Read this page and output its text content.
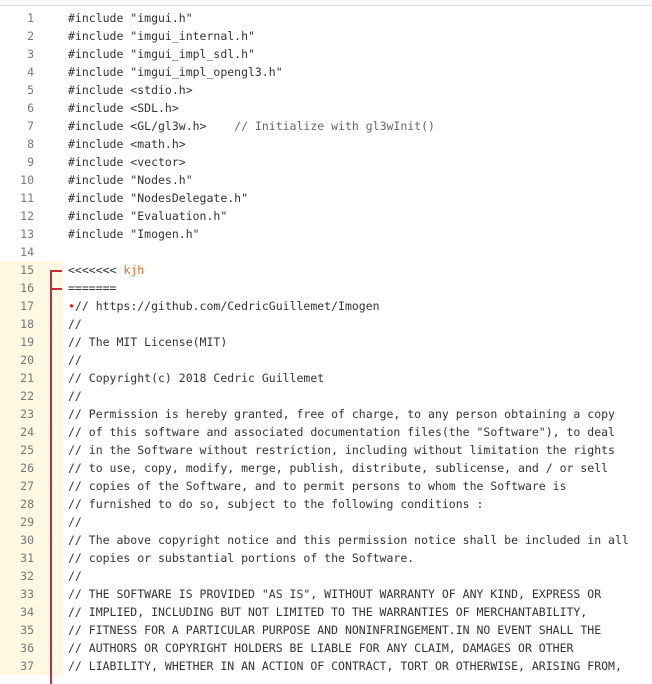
1	#include "imgui.h"
2	#include "imgui_internal.h"
3	#include "imgui_impl_sdl.h"
4	#include "imgui_impl_opengl3.h"
5	#include <stdio.h>
6	#include <SDL.h>
7	#include <GL/gl3w.h>    // Initialize with gl3wInit()
8	#include <math.h>
9	#include <vector>
10	#include "Nodes.h"
11	#include "NodesDelegate.h"
12	#include "Evaluation.h"
13	#include "Imogen.h"
14
15	<<<<<<< kjh
16	=======
17	•// https://github.com/CedricGuillemet/Imogen
18	//
19	// The MIT License(MIT)
20	//
21	// Copyright(c) 2018 Cedric Guillemet
22	//
23	// Permission is hereby granted, free of charge, to any person obtaining a copy
24	// of this software and associated documentation files(the "Software"), to deal
25	// in the Software without restriction, including without limitation the rights
26	// to use, copy, modify, merge, publish, distribute, sublicense, and / or sell
27	// copies of the Software, and to permit persons to whom the Software is
28	// furnished to do so, subject to the following conditions :
29	//
30	// The above copyright notice and this permission notice shall be included in all
31	// copies or substantial portions of the Software.
32	//
33	// THE SOFTWARE IS PROVIDED "AS IS", WITHOUT WARRANTY OF ANY KIND, EXPRESS OR
34	// IMPLIED, INCLUDING BUT NOT LIMITED TO THE WARRANTIES OF MERCHANTABILITY,
35	// FITNESS FOR A PARTICULAR PURPOSE AND NONINFRINGEMENT.IN NO EVENT SHALL THE
36	// AUTHORS OR COPYRIGHT HOLDERS BE LIABLE FOR ANY CLAIM, DAMAGES OR OTHER
37	// LIABILITY, WHETHER IN AN ACTION OF CONTRACT, TORT OR OTHERWISE, ARISING FROM,
